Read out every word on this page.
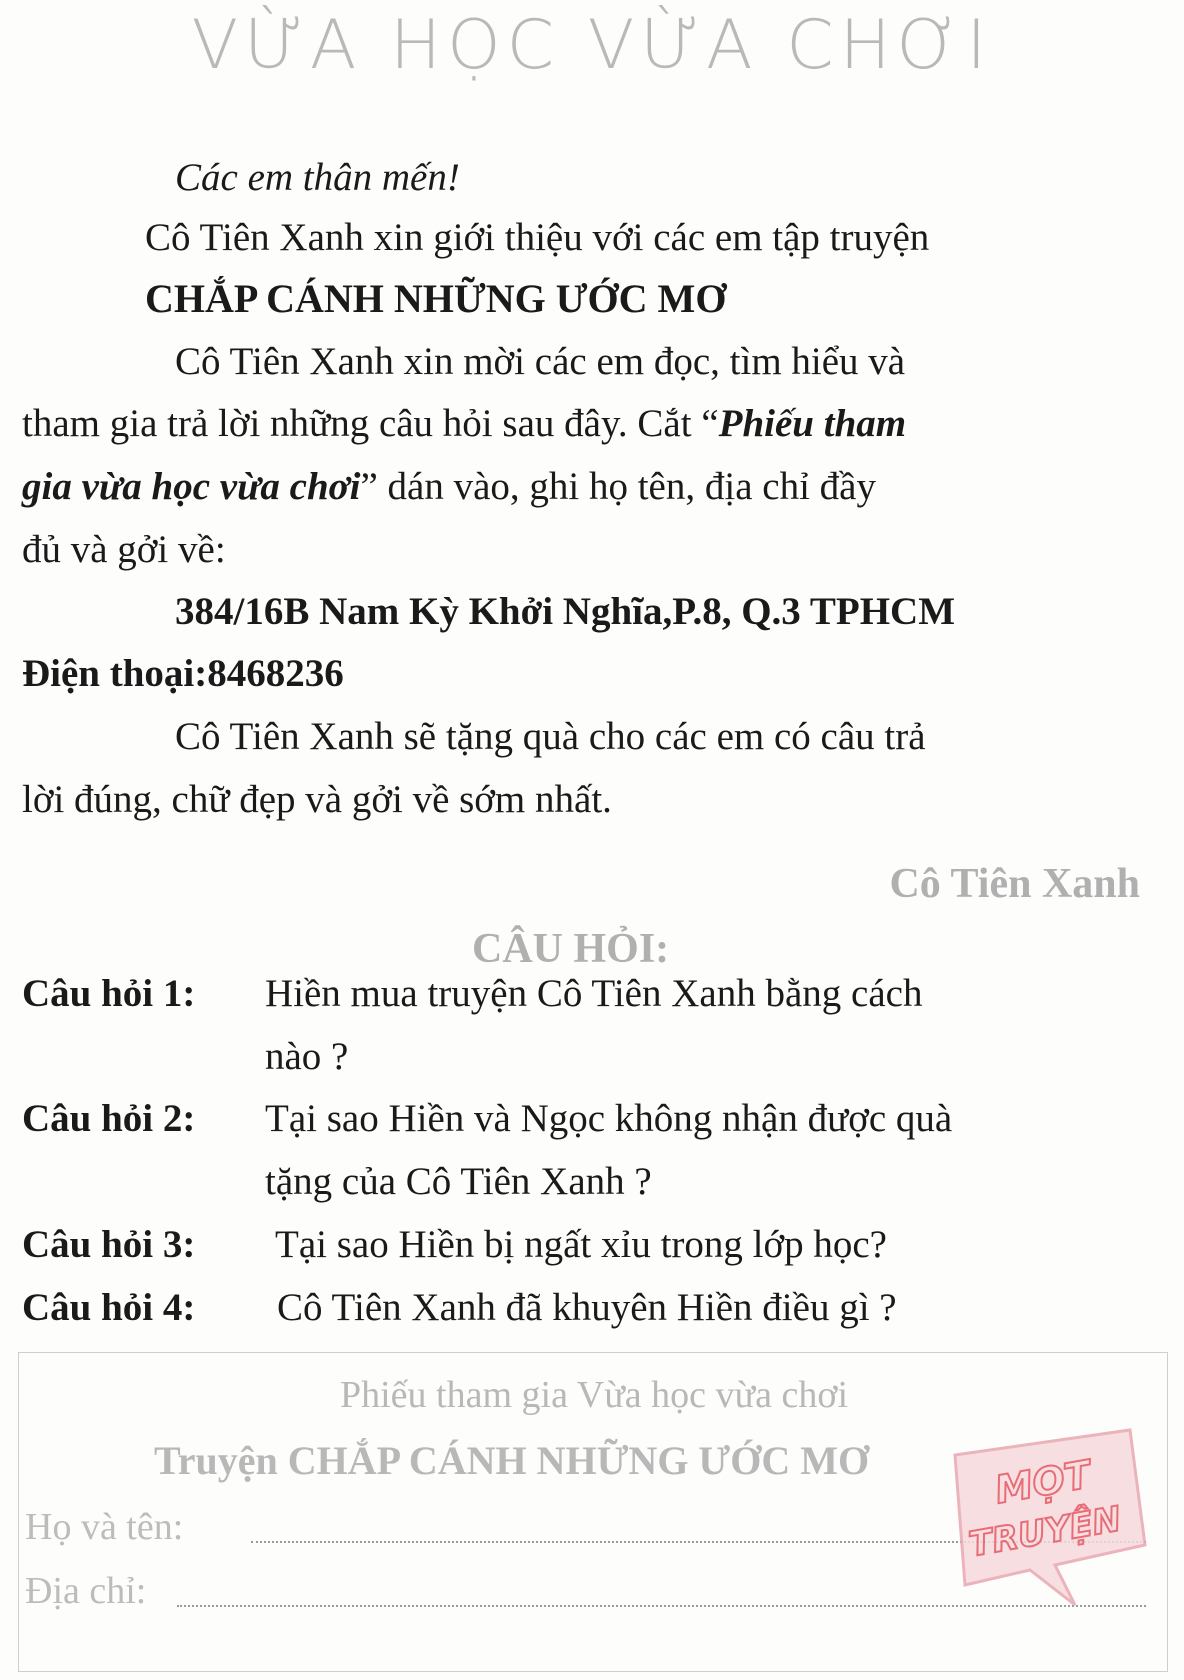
VỪA HỌC VỪA CHƠI
Các em thân mến!
Cô Tiên Xanh xin giới thiệu với các em tập truyện
CHẮP CÁNH NHỮNG ƯỚC MƠ
Cô Tiên Xanh xin mời các em đọc, tìm hiểu và
tham gia trả lời những câu hỏi sau đây. Cắt “Phiếu tham
gia vừa học vừa chơi” dán vào, ghi họ tên, địa chỉ đầy
đủ và gởi về:
384/16B Nam Kỳ Khởi Nghĩa,P.8, Q.3 TPHCM
Điện thoại:8468236
Cô Tiên Xanh sẽ tặng quà cho các em có câu trả
lời đúng, chữ đẹp và gởi về sớm nhất.
Cô Tiên Xanh
CÂU HỎI:
Câu hỏi 1: Hiền mua truyện Cô Tiên Xanh bằng cách
nào ?
Câu hỏi 2: Tại sao Hiền và Ngọc không nhận được quà
tặng của Cô Tiên Xanh ?
Câu hỏi 3: Tại sao Hiền bị ngất xỉu trong lớp học?
Câu hỏi 4: Cô Tiên Xanh đã khuyên Hiền điều gì ?
Phiếu tham gia Vừa học vừa chơi
Truyện CHẮP CÁNH NHỮNG ƯỚC MƠ
Họ và tên:
Địa chỉ:
MỌT
TRUYỆN
